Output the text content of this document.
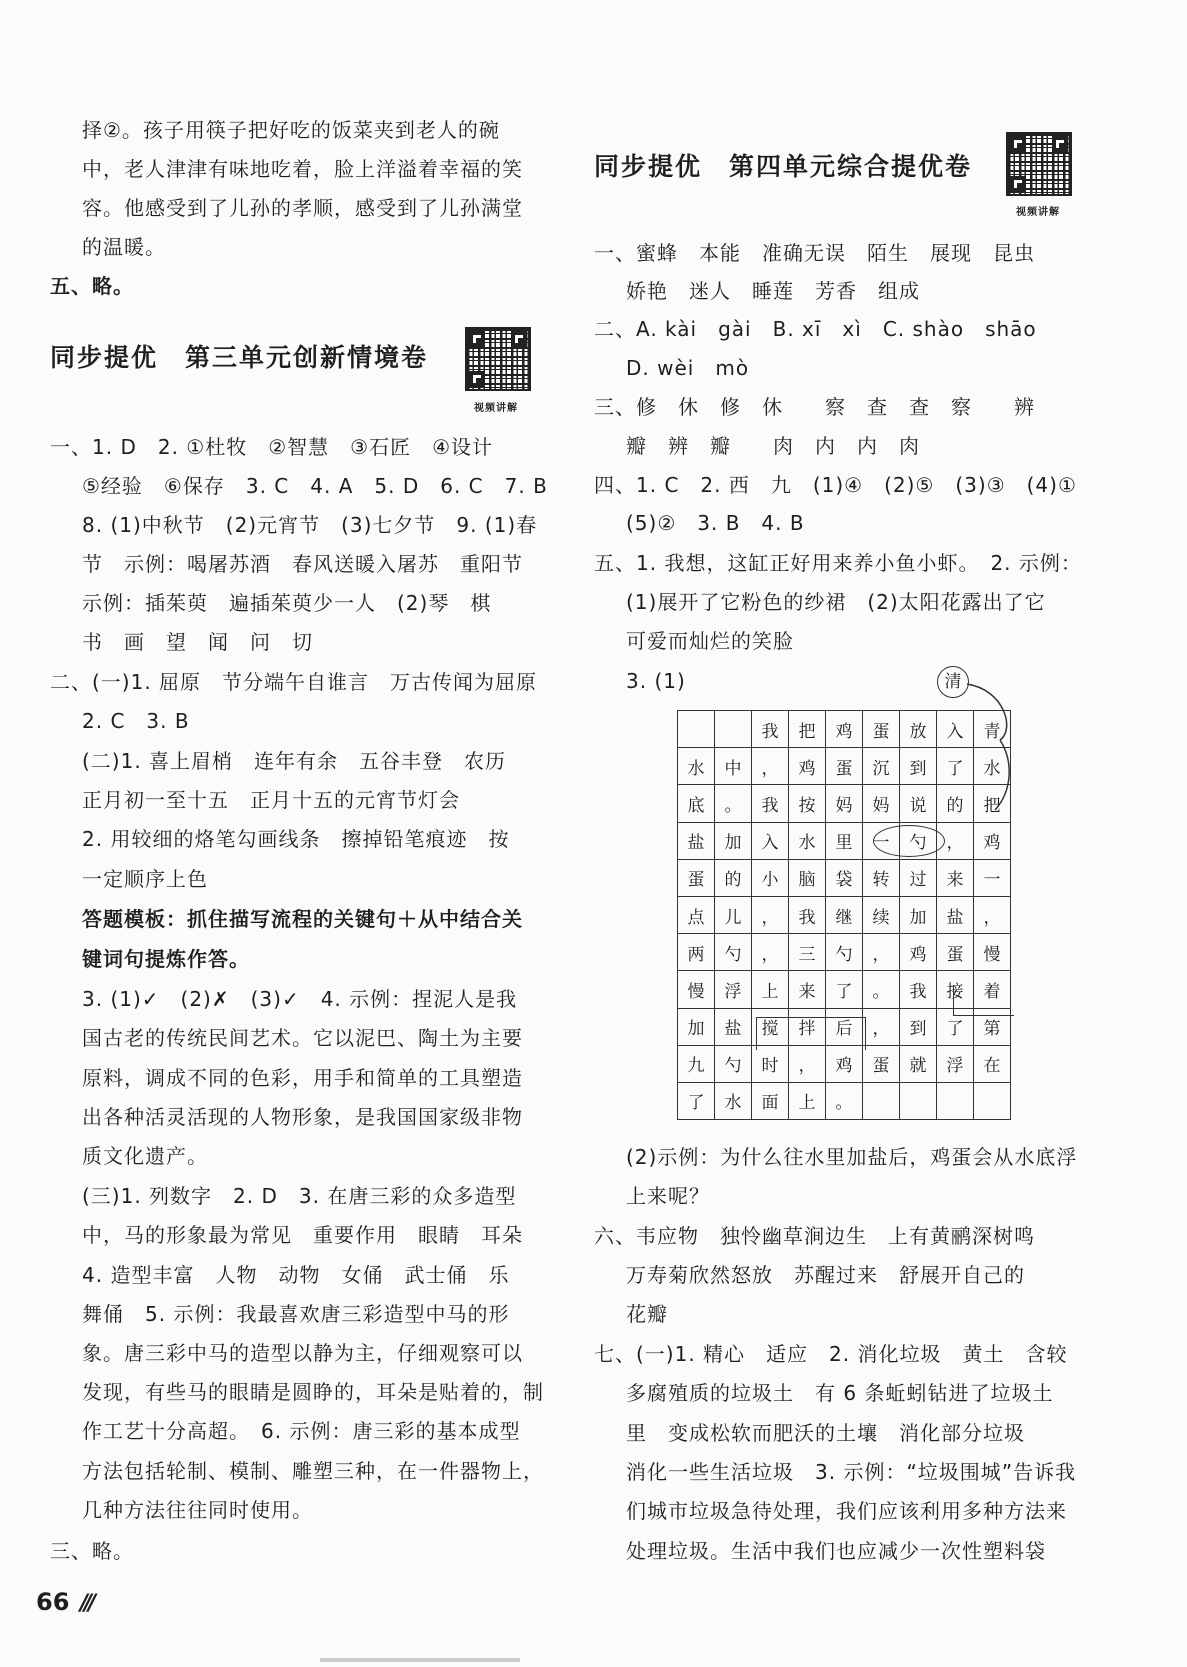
择②。孩子用筷子把好吃的饭菜夹到老人的碗
中，老人津津有味地吃着，脸上洋溢着幸福的笑
容。他感受到了儿孙的孝顺，感受到了儿孙满堂
的温暖。
五、略。
同步提优　第三单元创新情境卷
视频讲解
一、1. D　2. ①杜牧　②智慧　③石匠　④设计
⑤经验　⑥保存　3. C　4. A　5. D　6. C　7. B
8. (1)中秋节　(2)元宵节　(3)七夕节　9. (1)春
节　示例：喝屠苏酒　春风送暖入屠苏　重阳节
示例：插茱萸　遍插茱萸少一人　(2)琴　棋
书　画　望　闻　问　切
二、(一)1. 屈原　节分端午自谁言　万古传闻为屈原
2. C　3. B
(二)1. 喜上眉梢　连年有余　五谷丰登　农历
正月初一至十五　正月十五的元宵节灯会
2. 用较细的烙笔勾画线条　擦掉铅笔痕迹　按
一定顺序上色
答题模板：抓住描写流程的关键句＋从中结合关
键词句提炼作答。
3. (1)✓　(2)✗　(3)✓　4. 示例：捏泥人是我
国古老的传统民间艺术。它以泥巴、陶土为主要
原料，调成不同的色彩，用手和简单的工具塑造
出各种活灵活现的人物形象，是我国国家级非物
质文化遗产。
(三)1. 列数字　2. D　3. 在唐三彩的众多造型
中，马的形象最为常见　重要作用　眼睛　耳朵
4. 造型丰富　人物　动物　女俑　武士俑　乐
舞俑　5. 示例：我最喜欢唐三彩造型中马的形
象。唐三彩中马的造型以静为主，仔细观察可以
发现，有些马的眼睛是圆睁的，耳朵是贴着的，制
作工艺十分高超。　6. 示例：唐三彩的基本成型
方法包括轮制、模制、雕塑三种，在一件器物上，
几种方法往往同时使用。
三、略。
同步提优　第四单元综合提优卷
视频讲解
一、蜜蜂　本能　准确无误　陌生　展现　昆虫
娇艳　迷人　睡莲　芳香　组成
二、A. kài　gài　B. xī　xì　C. shào　shāo
D. wèi　mò
三、修　休　修　休　　察　查　查　察　　辨
瓣　辨　瓣　　肉　内　内　肉
四、1. C　2. 西　九　(1)④　(2)⑤　(3)③　(4)①
(5)②　3. B　4. B
五、1. 我想，这缸正好用来养小鱼小虾。　2. 示例：
(1)展开了它粉色的纱裙　(2)太阳花露出了它
可爱而灿烂的笑脸
3. (1)	清
		我	把	鸡	蛋	放	入	青
水	中	，	鸡	蛋	沉	到	了	水
底	。	我	按	妈	妈	说	的	把
盐	加	入	水	里	一	勺	，	鸡
蛋	的	小	脑	袋	转	过	来	一
点	儿	，	我	继	续	加	盐	，
两	勺	，	三	勺	，	鸡	蛋	慢
慢	浮	上	来	了	。	我	接	着
加	盐	搅	拌	后	，	到	了	第
九	勺	时	，	鸡	蛋	就	浮	在
了	水	面	上	。				
(2)示例：为什么往水里加盐后，鸡蛋会从水底浮
上来呢？
六、韦应物　独怜幽草涧边生　上有黄鹂深树鸣
万寿菊欣然怒放　苏醒过来　舒展开自己的
花瓣
七、(一)1. 精心　适应　2. 消化垃圾　黄土　含较
多腐殖质的垃圾土　有 6 条蚯蚓钻进了垃圾土
里　变成松软而肥沃的土壤　消化部分垃圾
消化一些生活垃圾　3. 示例：“垃圾围城”告诉我
们城市垃圾急待处理，我们应该利用多种方法来
处理垃圾。生活中我们也应减少一次性塑料袋
66 ///
